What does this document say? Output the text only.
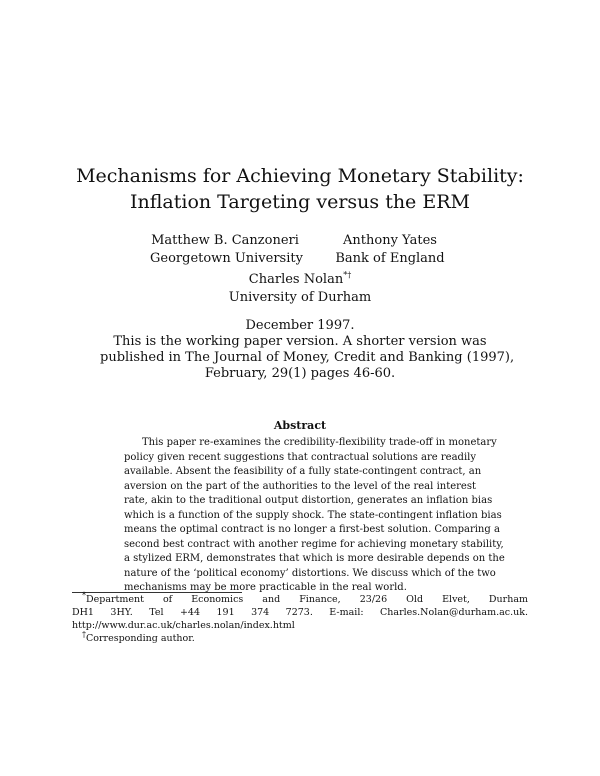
Mechanisms for Achieving Monetary Stability:
Inflation Targeting versus the ERM
Matthew B. Canzoneri
Georgetown University
Anthony Yates
Bank of England
Charles Nolan*†
University of Durham
December 1997.
This is the working paper version. A shorter version was
published in The Journal of Money, Credit and Banking (1997),
February, 29(1) pages 46-60.
Abstract
This paper re-examines the credibility-flexibility trade-off in monetary
policy given recent suggestions that contractual solutions are readily
available. Absent the feasibility of a fully state-contingent contract, an
aversion on the part of the authorities to the level of the real interest
rate, akin to the traditional output distortion, generates an inflation bias
which is a function of the supply shock. The state-contingent inflation bias
means the optimal contract is no longer a first-best solution. Comparing a
second best contract with another regime for achieving monetary stability,
a stylized ERM, demonstrates that which is more desirable depends on the
nature of the ‘political economy’ distortions. We discuss which of the two
mechanisms may be more practicable in the real world.
*Department of Economics and Finance, 23/26 Old Elvet, Durham
DH1 3HY. Tel +44 191 374 7273. E-mail: Charles.Nolan@durham.ac.uk.
http://www.dur.ac.uk/charles.nolan/index.html
†Corresponding author.
